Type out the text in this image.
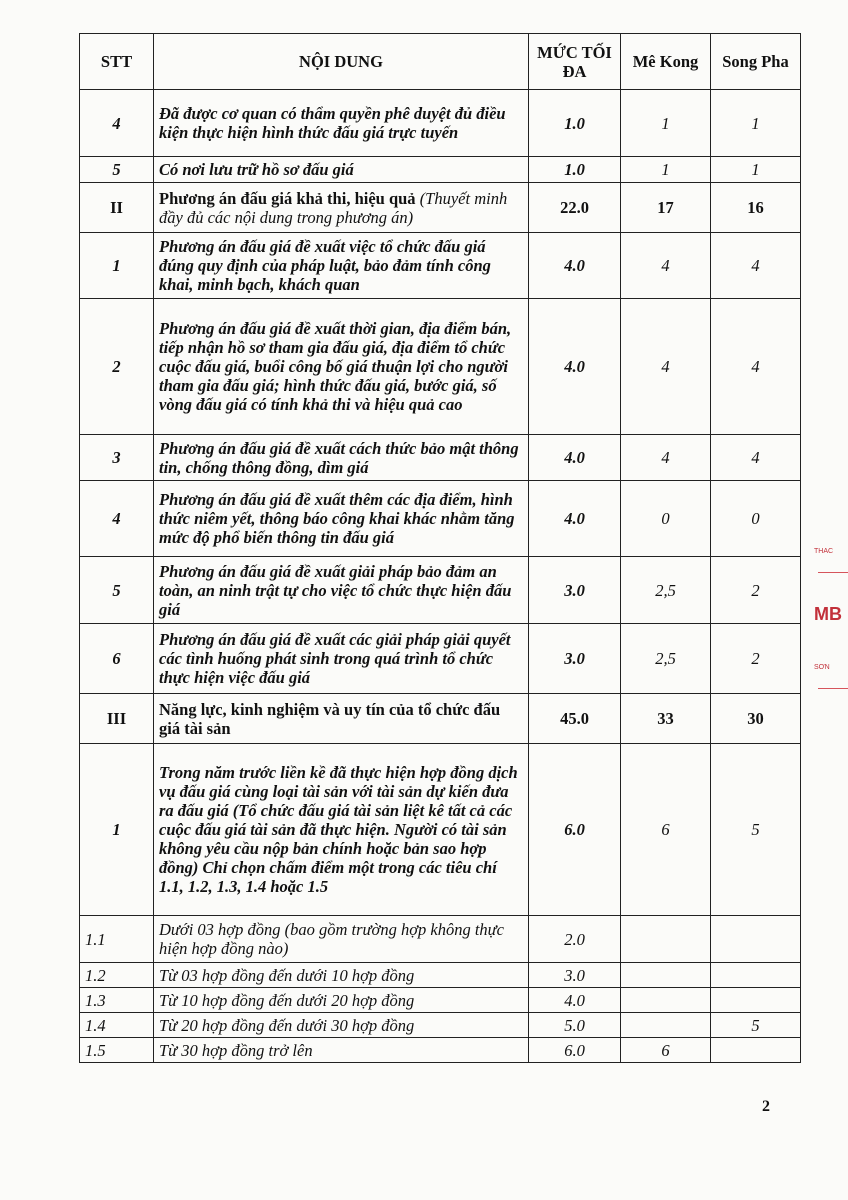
STT	NỘI DUNG	MỨC TỐI ĐA	Mê Kong	Song Pha
4	Đã được cơ quan có thẩm quyền phê duyệt đủ điều kiện thực hiện hình thức đấu giá trực tuyến	1.0	1	1
5	Có nơi lưu trữ hồ sơ đấu giá	1.0	1	1
II	Phương án đấu giá khả thi, hiệu quả (Thuyết minh đầy đủ các nội dung trong phương án)	22.0	17	16
1	Phương án đấu giá đề xuất việc tổ chức đấu giá đúng quy định của pháp luật, bảo đảm tính công khai, minh bạch, khách quan	4.0	4	4
2	Phương án đấu giá đề xuất thời gian, địa điểm bán, tiếp nhận hồ sơ tham gia đấu giá, địa điểm tổ chức cuộc đấu giá, buổi công bố giá thuận lợi cho người tham gia đấu giá; hình thức đấu giá, bước giá, số vòng đấu giá có tính khả thi và hiệu quả cao	4.0	4	4
3	Phương án đấu giá đề xuất cách thức bảo mật thông tin, chống thông đồng, dìm giá	4.0	4	4
4	Phương án đấu giá đề xuất thêm các địa điểm, hình thức niêm yết, thông báo công khai khác nhằm tăng mức độ phổ biến thông tin đấu giá	4.0	0	0
5	Phương án đấu giá đề xuất giải pháp bảo đảm an toàn, an ninh trật tự cho việc tổ chức thực hiện đấu giá	3.0	2,5	2
6	Phương án đấu giá đề xuất các giải pháp giải quyết các tình huống phát sinh trong quá trình tổ chức thực hiện việc đấu giá	3.0	2,5	2
III	Năng lực, kinh nghiệm và uy tín của tổ chức đấu giá tài sản	45.0	33	30
1	Trong năm trước liền kề đã thực hiện hợp đồng dịch vụ đấu giá cùng loại tài sản với tài sản dự kiến đưa ra đấu giá (Tổ chức đấu giá tài sản liệt kê tất cả các cuộc đấu giá tài sản đã thực hiện. Người có tài sản không yêu cầu nộp bản chính hoặc bản sao hợp đồng) Chỉ chọn chấm điểm một trong các tiêu chí 1.1, 1.2, 1.3, 1.4 hoặc 1.5	6.0	6	5
1.1	Dưới 03 hợp đồng (bao gồm trường hợp không thực hiện hợp đồng nào)	2.0		
1.2	Từ 03 hợp đồng đến dưới 10 hợp đồng	3.0		
1.3	Từ 10 hợp đồng đến dưới 20 hợp đồng	4.0		
1.4	Từ 20 hợp đồng đến dưới 30 hợp đồng	5.0		5
1.5	Từ 30 hợp đồng trở lên	6.0	6	
2
THÁC
MB
SƠN
